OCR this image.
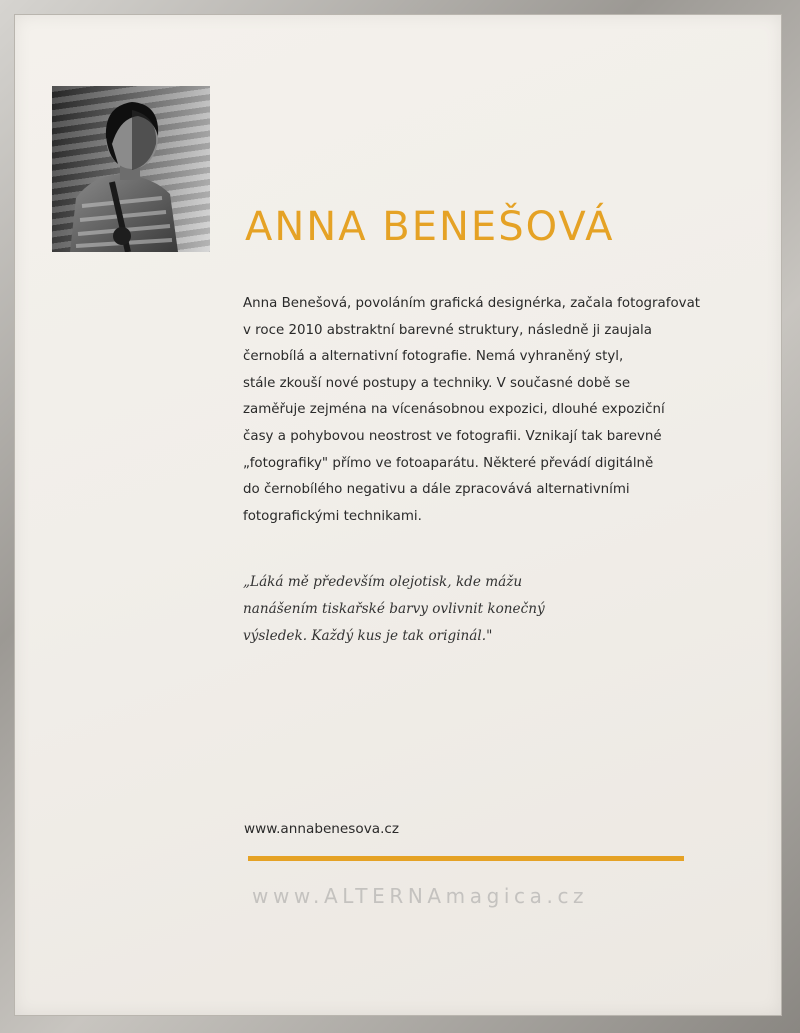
ANNA BENEŠOVÁ

Anna Benešová, povoláním grafická designérka, začala fotografovat
v roce 2010 abstraktní barevné struktury, následně ji zaujala
černobílá a alternativní fotografie. Nemá vyhraněný styl,
stále zkouší nové postupy a techniky. V současné době se
zaměřuje zejména na vícenásobnou expozici, dlouhé expoziční
časy a pohybovou neostrost ve fotografii. Vznikají tak barevné
„fotografiky" přímo ve fotoaparátu. Některé převádí digitálně
do černobílého negativu a dále zpracovává alternativními
fotografickými technikami.

„Láká mě především olejotisk, kde mážu
nanášením tiskařské barvy ovlivnit konečný
výsledek. Každý kus je tak originál."

www.annabenesova.cz
www.ALTERNAmagica.cz
